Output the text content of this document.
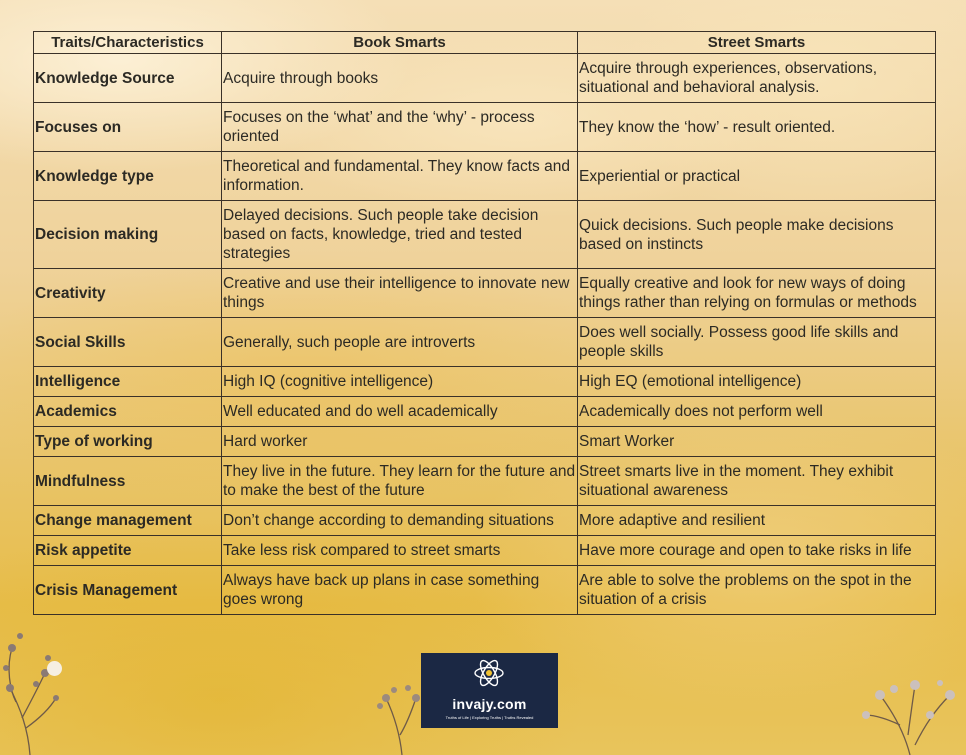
Traits/Characteristics	Book Smarts	Street Smarts
Knowledge Source	Acquire through books	Acquire through experiences, observations, situational and behavioral analysis.
Focuses on	Focuses on the ‘what’ and the ‘why’ - process oriented	They know the ‘how’ - result oriented.
Knowledge type	Theoretical and fundamental. They know facts and information.	Experiential or practical
Decision making	Delayed decisions. Such people take decision based on facts, knowledge, tried and tested strategies	Quick decisions. Such people make decisions based on instincts
Creativity	Creative and use their intelligence to innovate new things	Equally creative and look for new ways of doing things rather than relying on formulas or methods
Social Skills	Generally, such people are introverts	Does well socially. Possess good life skills and people skills
Intelligence	High IQ (cognitive intelligence)	High EQ (emotional intelligence)
Academics	Well educated and do well academically	Academically does not perform well
Type of working	Hard worker	Smart Worker
Mindfulness	They live in the future. They learn for the future and to make the best of the future	Street smarts live in the moment. They exhibit situational awareness
Change management	Don’t change according to demanding situations	More adaptive and resilient
Risk appetite	Take less risk compared to street smarts	Have more courage and open to take risks in life
Crisis Management	Always have back up plans in case something goes wrong	Are able to solve the problems on the spot in the situation of a crisis
invajy.com
Truths of Life | Exploring Truths | Truths Revealed
